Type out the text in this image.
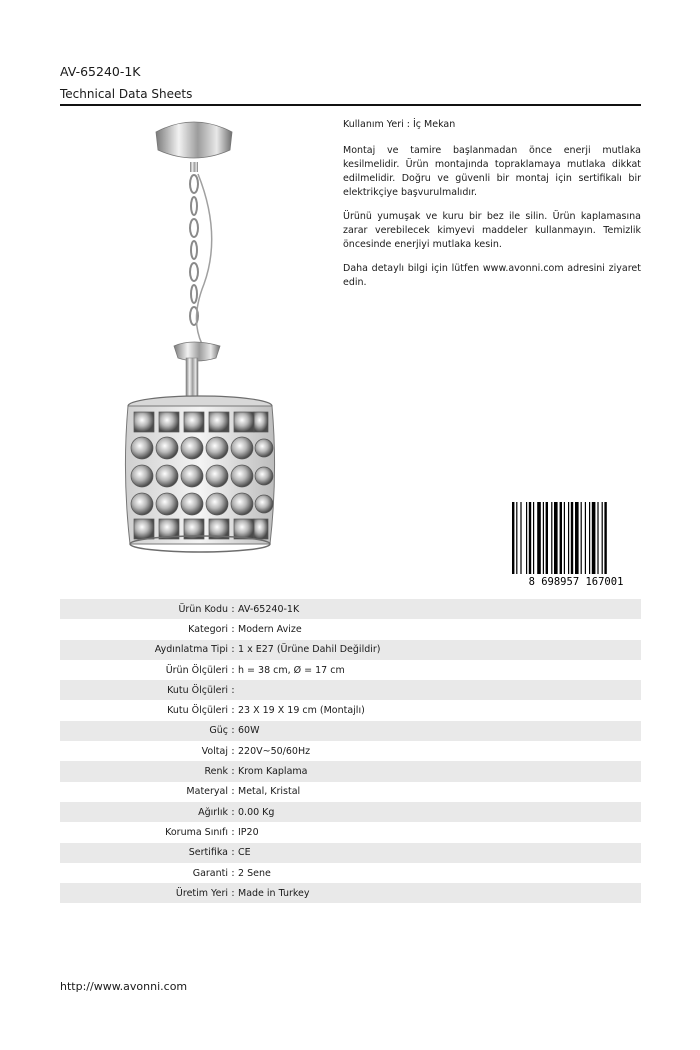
AV-65240-1K
Technical Data Sheets

Kullanım Yeri : İç Mekan

Montaj ve tamire başlanmadan önce enerji mutlaka kesilmelidir. Ürün montajında topraklamaya mutlaka dikkat edilmelidir. Doğru ve güvenli bir montaj için sertifikalı bir elektrikçiye başvurulmalıdır.

Ürünü yumuşak ve kuru bir bez ile silin. Ürün kaplamasına zarar verebilecek kimyevi maddeler kullanmayın. Temizlik öncesinde enerjiyi mutlaka kesin.

Daha detaylı bilgi için lütfen www.avonni.com adresini ziyaret edin.

8 698957 167001
Ürün Kodu : AV-65240-1K
Kategori : Modern Avize
Aydınlatma Tipi : 1 x E27 (Ürüne Dahil Değildir)
Ürün Ölçüleri : h = 38 cm, Ø = 17 cm
Kutu Ölçüleri :
Kutu Ölçüleri : 23 X 19 X 19 cm (Montajlı)
Güç : 60W
Voltaj : 220V~50/60Hz
Renk : Krom Kaplama
Materyal : Metal, Kristal
Ağırlık : 0.00 Kg
Koruma Sınıfı : IP20
Sertifika : CE
Garanti : 2 Sene
Üretim Yeri : Made in Turkey
http://www.avonni.com
